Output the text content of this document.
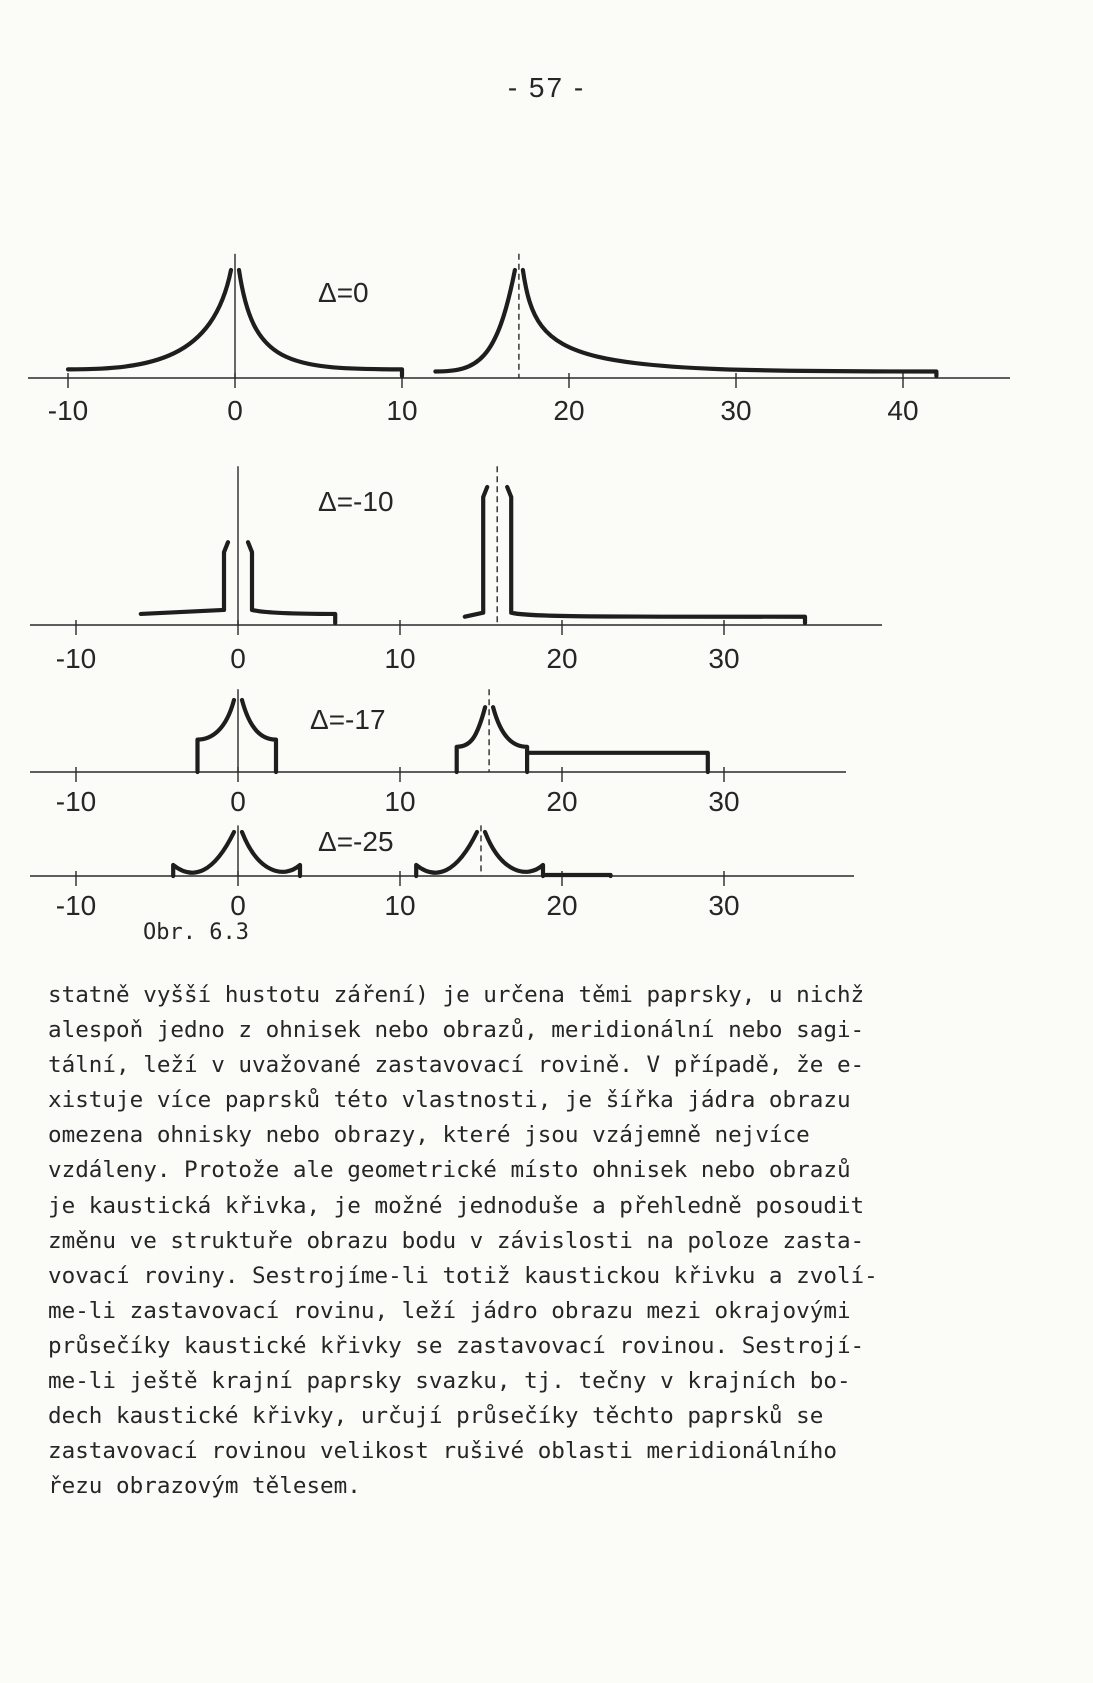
- 57 -
-10	0	10	20	30	40
Δ=0
-10	0	10	20	30
Δ=-10
-10	0	10	20	30
Δ=-17
-10	0	10	20	30
Δ=-25
Obr. 6.3

statně vyšší hustotu záření) je určena těmi paprsky, u nichž
alespoň jedno z ohnisek nebo obrazů, meridionální nebo sagi-
tální, leží v uvažované zastavovací rovině. V případě, že e-
xistuje více paprsků této vlastnosti, je šířka jádra obrazu
omezena ohnisky nebo obrazy, které jsou vzájemně nejvíce
vzdáleny. Protože ale geometrické místo ohnisek nebo obrazů
je kaustická křivka, je možné jednoduše a přehledně posoudit
změnu ve struktuře obrazu bodu v závislosti na poloze zasta-
vovací roviny. Sestrojíme-li totiž kaustickou křivku a zvolí-
me-li zastavovací rovinu, leží jádro obrazu mezi okrajovými
průsečíky kaustické křivky se zastavovací rovinou. Sestrojí-
me-li ještě krajní paprsky svazku, tj. tečny v krajních bo-
dech kaustické křivky, určují průsečíky těchto paprsků se
zastavovací rovinou velikost rušivé oblasti meridionálního
řezu obrazovým tělesem.
